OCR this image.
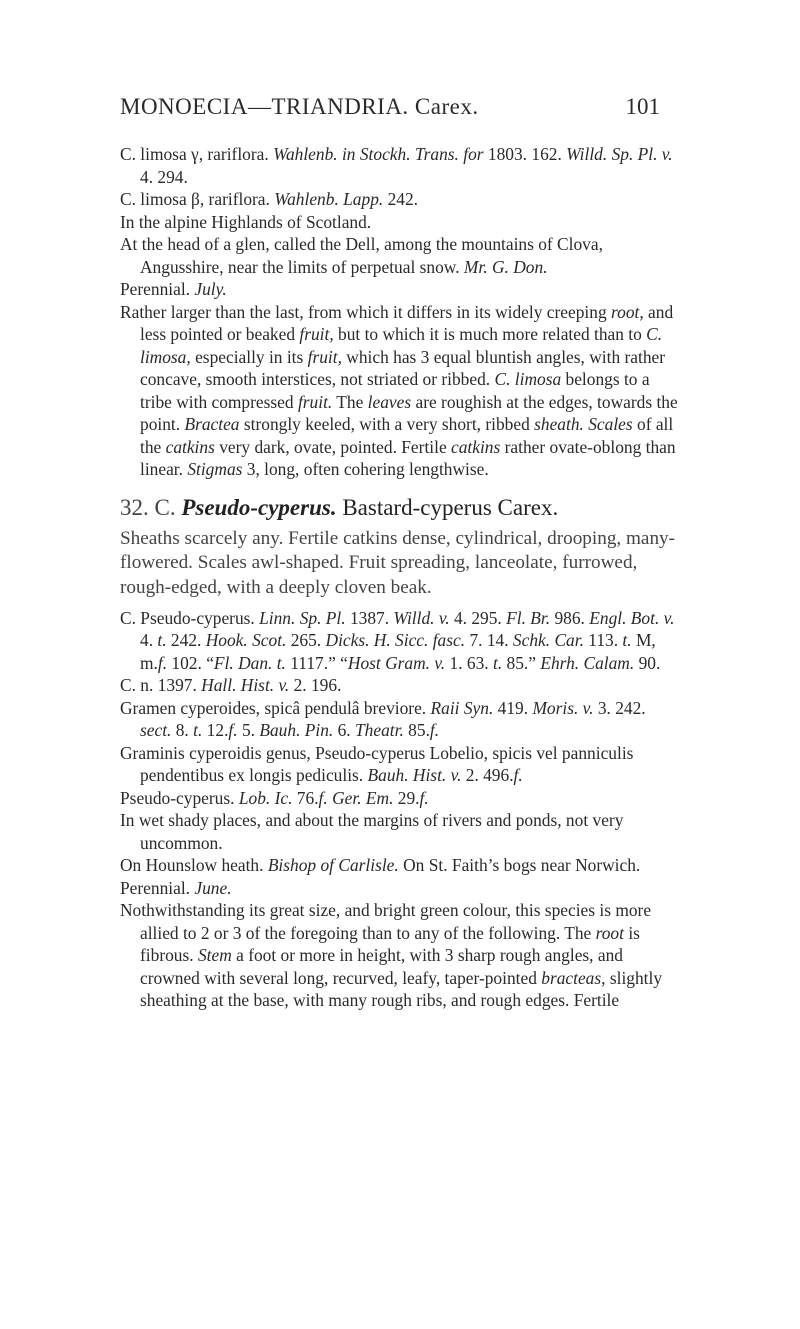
MONOECIA—TRIANDRIA. Carex.	101

C. limosa γ, rariflora. Wahlenb. in Stockh. Trans. for 1803. 162. Willd. Sp. Pl. v. 4. 294.

C. limosa β, rariflora. Wahlenb. Lapp. 242.

In the alpine Highlands of Scotland.

At the head of a glen, called the Dell, among the mountains of Clova, Angusshire, near the limits of perpetual snow. Mr. G. Don.

Perennial. July.

Rather larger than the last, from which it differs in its widely creeping root, and less pointed or beaked fruit, but to which it is much more related than to C. limosa, especially in its fruit, which has 3 equal bluntish angles, with rather concave, smooth interstices, not striated or ribbed. C. limosa belongs to a tribe with compressed fruit. The leaves are roughish at the edges, towards the point. Bractea strongly keeled, with a very short, ribbed sheath. Scales of all the catkins very dark, ovate, pointed. Fertile catkins rather ovate-oblong than linear. Stigmas 3, long, often cohering lengthwise.

32. C. Pseudo-cyperus. Bastard-cyperus Carex.

Sheaths scarcely any. Fertile catkins dense, cylindrical, drooping, many-flowered. Scales awl-shaped. Fruit spreading, lanceolate, furrowed, rough-edged, with a deeply cloven beak.

C. Pseudo-cyperus. Linn. Sp. Pl. 1387. Willd. v. 4. 295. Fl. Br. 986. Engl. Bot. v. 4. t. 242. Hook. Scot. 265. Dicks. H. Sicc. fasc. 7. 14. Schk. Car. 113. t. M, m.f. 102. “Fl. Dan. t. 1117.” “Host Gram. v. 1. 63. t. 85.” Ehrh. Calam. 90.

C. n. 1397. Hall. Hist. v. 2. 196.

Gramen cyperoides, spicâ pendulâ breviore. Raii Syn. 419. Moris. v. 3. 242. sect. 8. t. 12.f. 5. Bauh. Pin. 6. Theatr. 85.f.

Graminis cyperoidis genus, Pseudo-cyperus Lobelio, spicis vel panniculis pendentibus ex longis pediculis. Bauh. Hist. v. 2. 496.f.

Pseudo-cyperus. Lob. Ic. 76.f. Ger. Em. 29.f.

In wet shady places, and about the margins of rivers and ponds, not very uncommon.

On Hounslow heath. Bishop of Carlisle. On St. Faith’s bogs near Norwich.

Perennial. June.

Nothwithstanding its great size, and bright green colour, this species is more allied to 2 or 3 of the foregoing than to any of the following. The root is fibrous. Stem a foot or more in height, with 3 sharp rough angles, and crowned with several long, recurved, leafy, taper-pointed bracteas, slightly sheathing at the base, with many rough ribs, and rough edges. Fertile
